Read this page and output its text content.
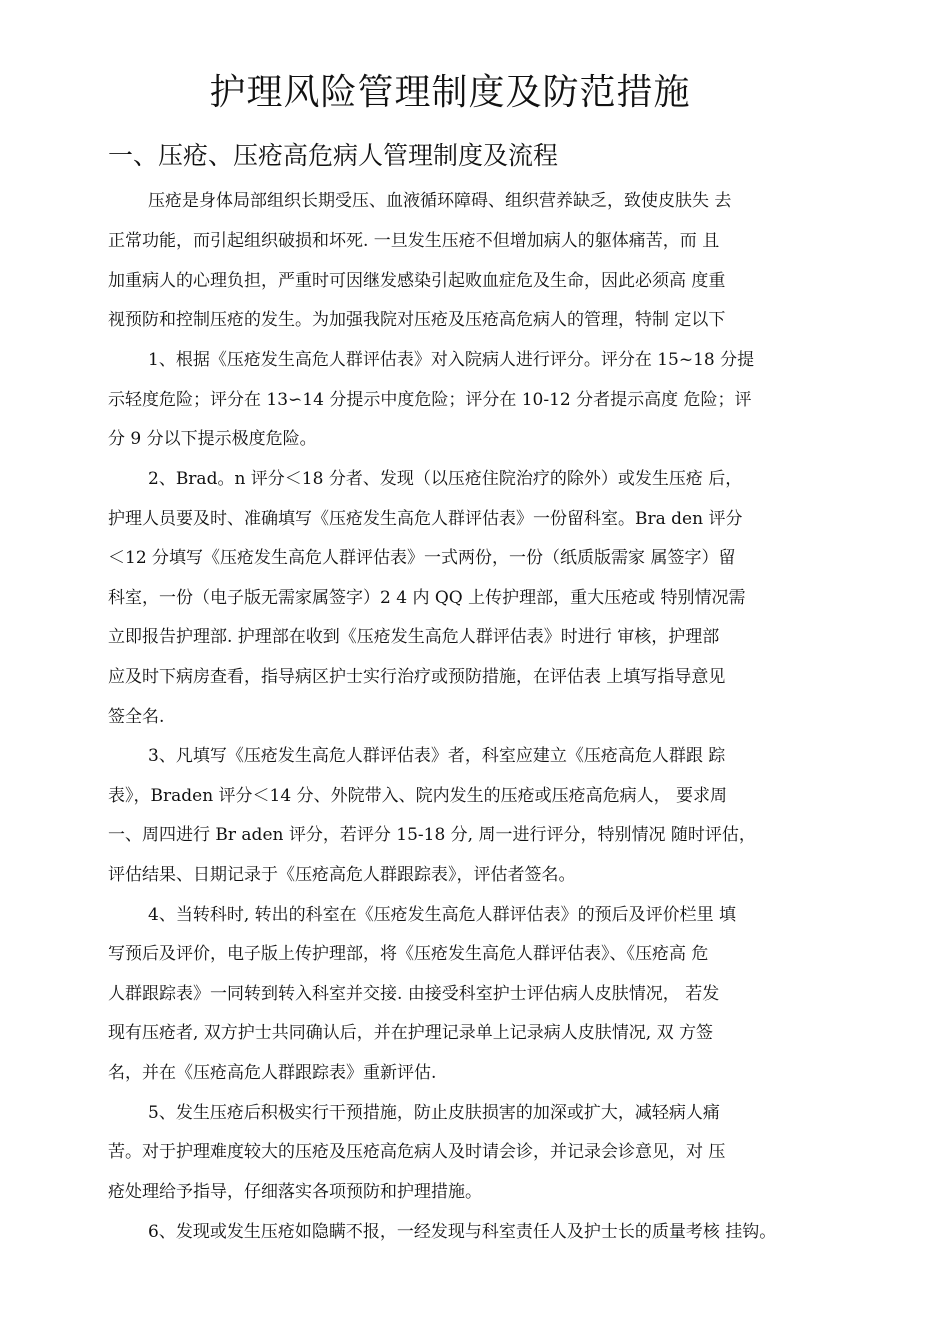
护理风险管理制度及防范措施
一、压疮、压疮高危病人管理制度及流程
压疮是身体局部组织长期受压、血液循环障碍、组织营养缺乏，致使皮肤失 去
正常功能，而引起组织破损和坏死. 一旦发生压疮不但增加病人的躯体痛苦，而 且
加重病人的心理负担，严重时可因继发感染引起败血症危及生命，因此必须高 度重
视预防和控制压疮的发生。为加强我院对压疮及压疮高危病人的管理，特制 定以下
1、根据《压疮发生高危人群评估表》对入院病人进行评分。评分在 15~18 分提
示轻度危险；评分在 13∽14 分提示中度危险；评分在 10-12 分者提示高度 危险；评
分 9 分以下提示极度危险。
2、Brad。n 评分＜18 分者、发现（以压疮住院治疗的除外）或发生压疮 后，
护理人员要及时、准确填写《压疮发生高危人群评估表》一份留科室。Bra den 评分
＜12 分填写《压疮发生高危人群评估表》一式两份，一份（纸质版需家 属签字）留
科室，一份（电子版无需家属签字）2 4 内 QQ 上传护理部，重大压疮或 特别情况需
立即报告护理部. 护理部在收到《压疮发生高危人群评估表》时进行 审核，护理部
应及时下病房查看，指导病区护士实行治疗或预防措施，在评估表 上填写指导意见
签全名.
3、凡填写《压疮发生高危人群评估表》者，科室应建立《压疮高危人群跟 踪
表》，Braden 评分＜14 分、外院带入、院内发生的压疮或压疮高危病人， 要求周
一、周四进行 Br aden 评分，若评分 15-18 分, 周一进行评分，特别情况 随时评估，
评估结果、日期记录于《压疮高危人群跟踪表》，评估者签名。
4、当转科时, 转出的科室在《压疮发生高危人群评估表》的预后及评价栏里 填
写预后及评价，电子版上传护理部，将《压疮发生高危人群评估表》、《压疮高 危
人群跟踪表》一同转到转入科室并交接. 由接受科室护士评估病人皮肤情况， 若发
现有压疮者, 双方护士共同确认后，并在护理记录单上记录病人皮肤情况, 双 方签
名，并在《压疮高危人群跟踪表》重新评估.
5、发生压疮后积极实行干预措施，防止皮肤损害的加深或扩大，减轻病人痛
苦。对于护理难度较大的压疮及压疮高危病人及时请会诊，并记录会诊意见，对 压
疮处理给予指导，仔细落实各项预防和护理措施。
6、发现或发生压疮如隐瞒不报，一经发现与科室责任人及护士长的质量考核 挂钩。
